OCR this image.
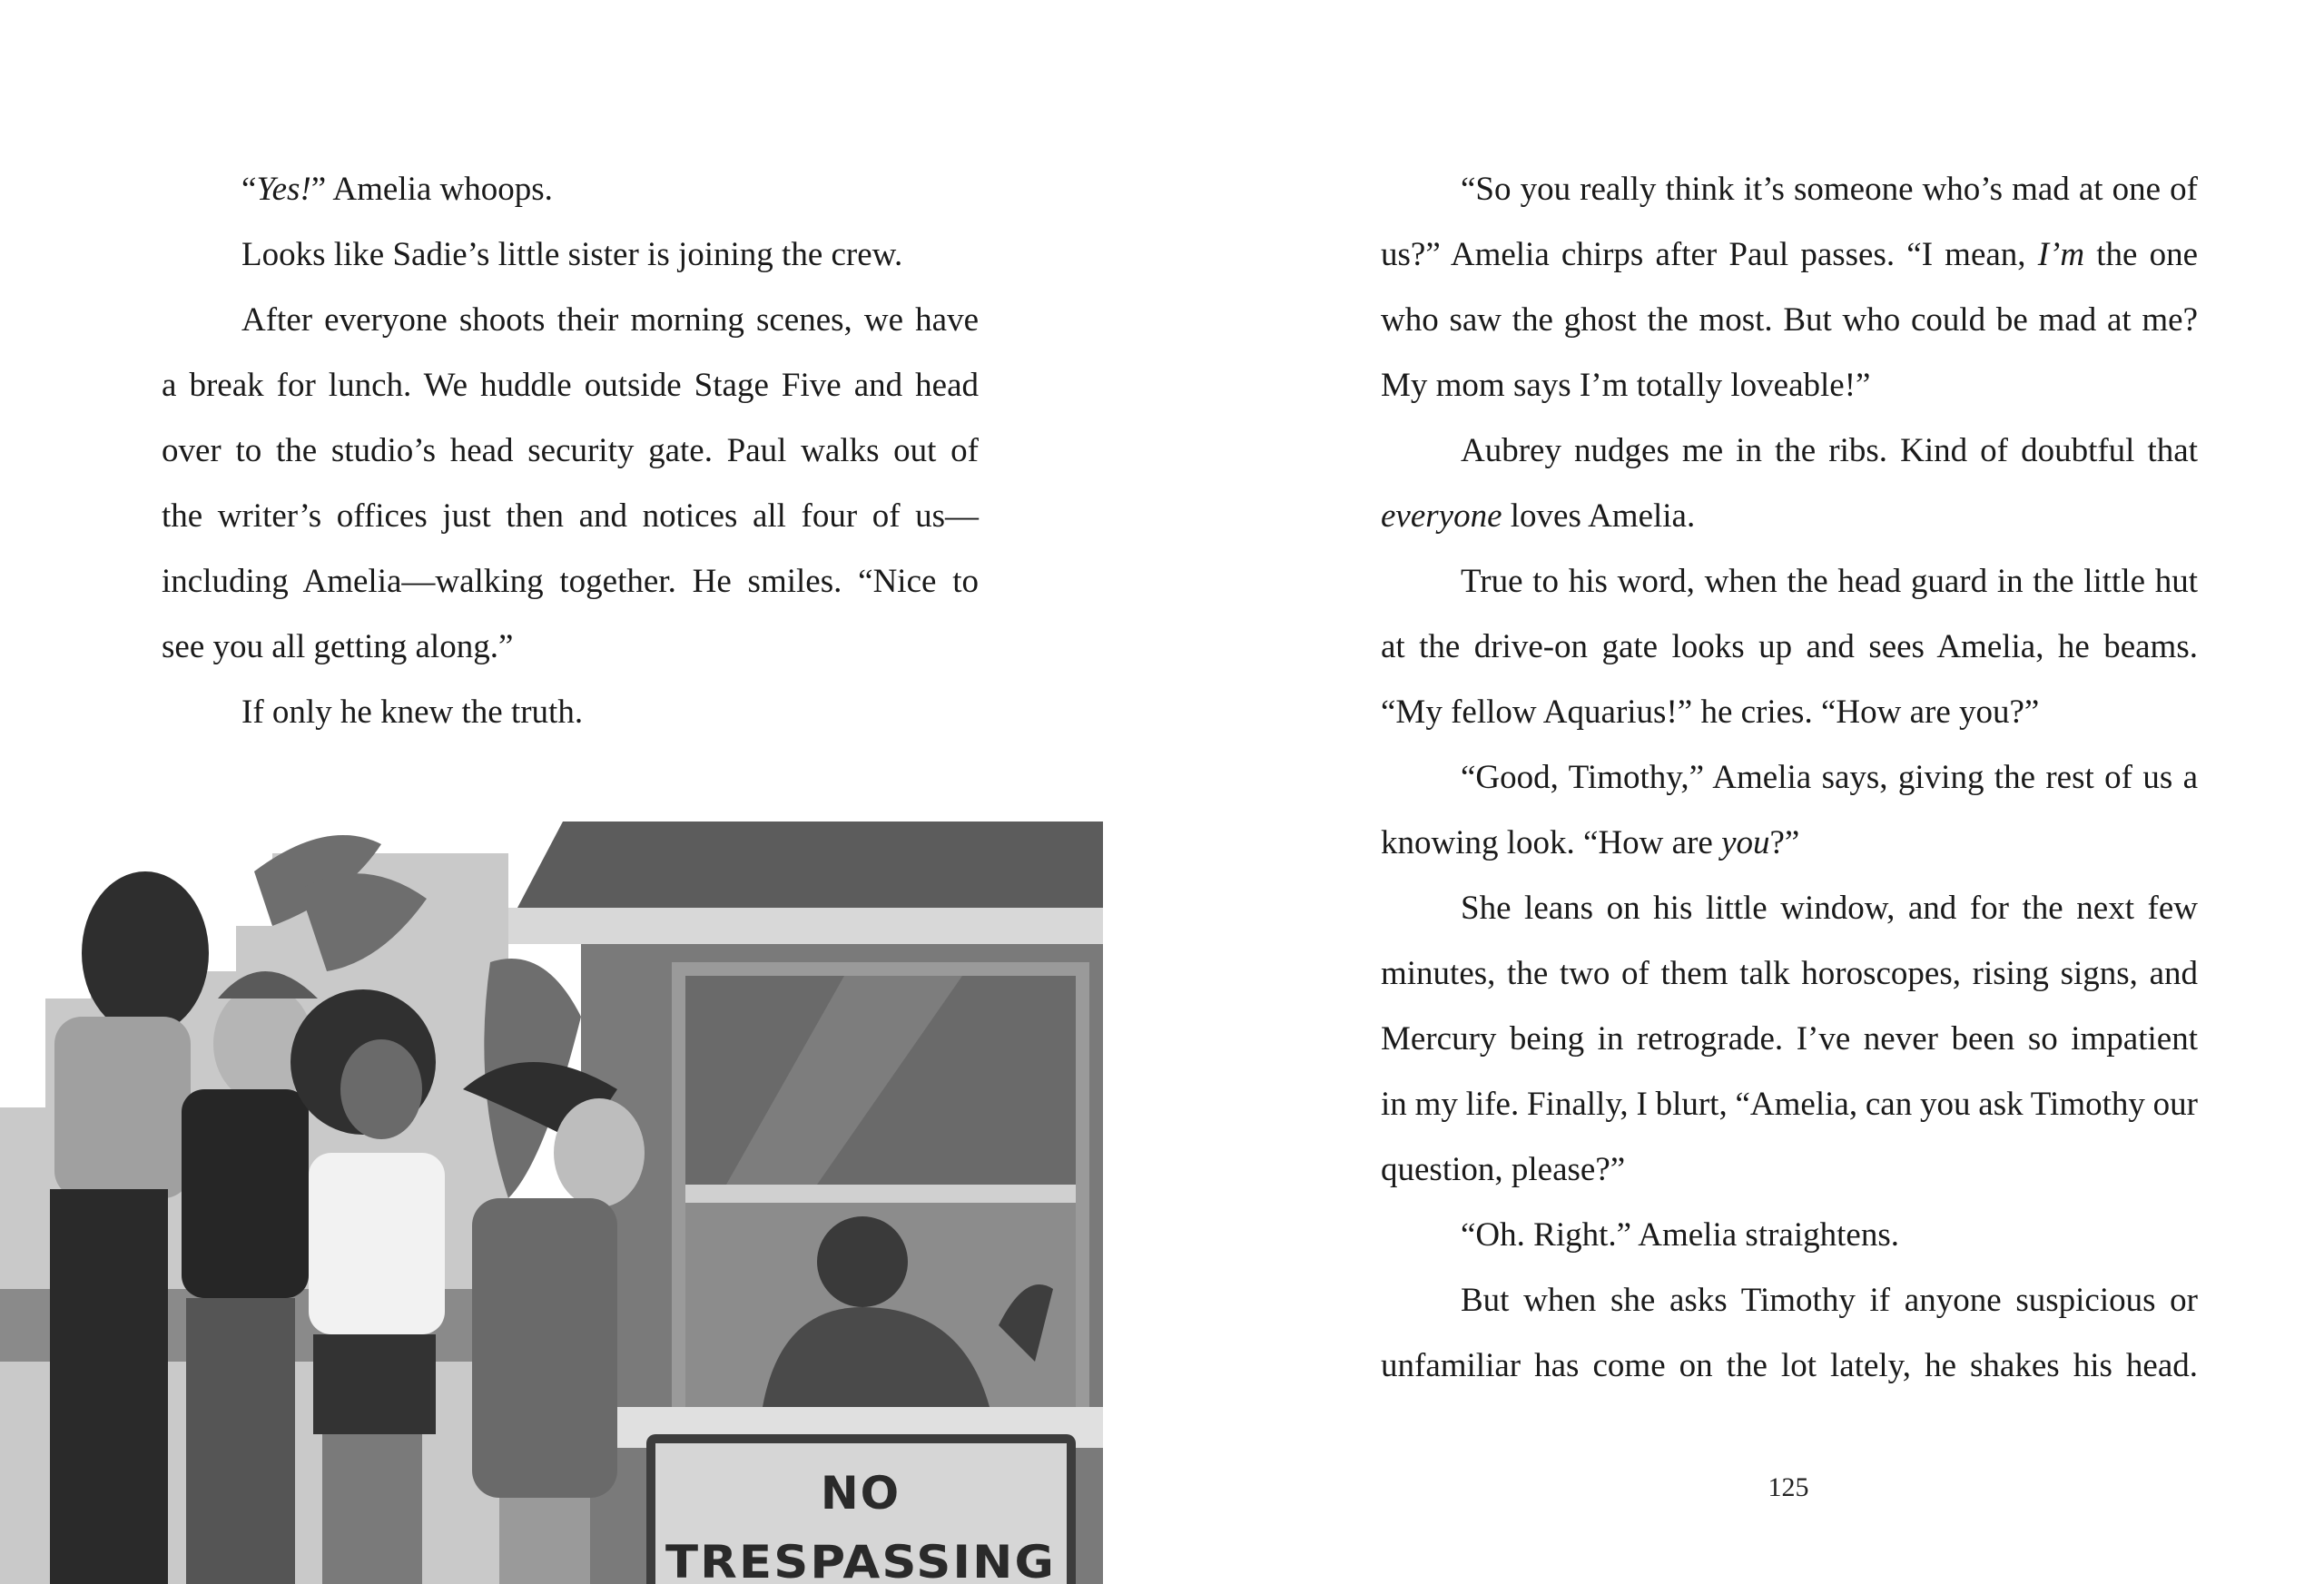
“Yes!” Amelia whoops.
Looks like Sadie’s little sister is joining the crew.
After everyone shoots their morning scenes, we have
a break for lunch. We huddle outside Stage Five and head
over to the studio’s head security gate. Paul walks out of
the writer’s offices just then and notices all four of us—
including Amelia—walking together. He smiles. “Nice to
see you all getting along.”
If only he knew the truth.
“So you really think it’s someone who’s mad at one of
us?” Amelia chirps after Paul passes. “I mean, I’m the one
who saw the ghost the most. But who could be mad at me?
My mom says I’m totally loveable!”
Aubrey nudges me in the ribs. Kind of doubtful that
everyone loves Amelia.
True to his word, when the head guard in the little hut
at the drive-on gate looks up and sees Amelia, he beams.
“My fellow Aquarius!” he cries. “How are you?”
“Good, Timothy,” Amelia says, giving the rest of us a
knowing look. “How are you?”
She leans on his little window, and for the next few
minutes, the two of them talk horoscopes, rising signs, and
Mercury being in retrograde. I’ve never been so impatient
in my life. Finally, I blurt, “Amelia, can you ask Timothy our
question, please?”
“Oh. Right.” Amelia straightens.
But when she asks Timothy if anyone suspicious or
unfamiliar has come on the lot lately, he shakes his head.
125
NO
TRESPASSING
